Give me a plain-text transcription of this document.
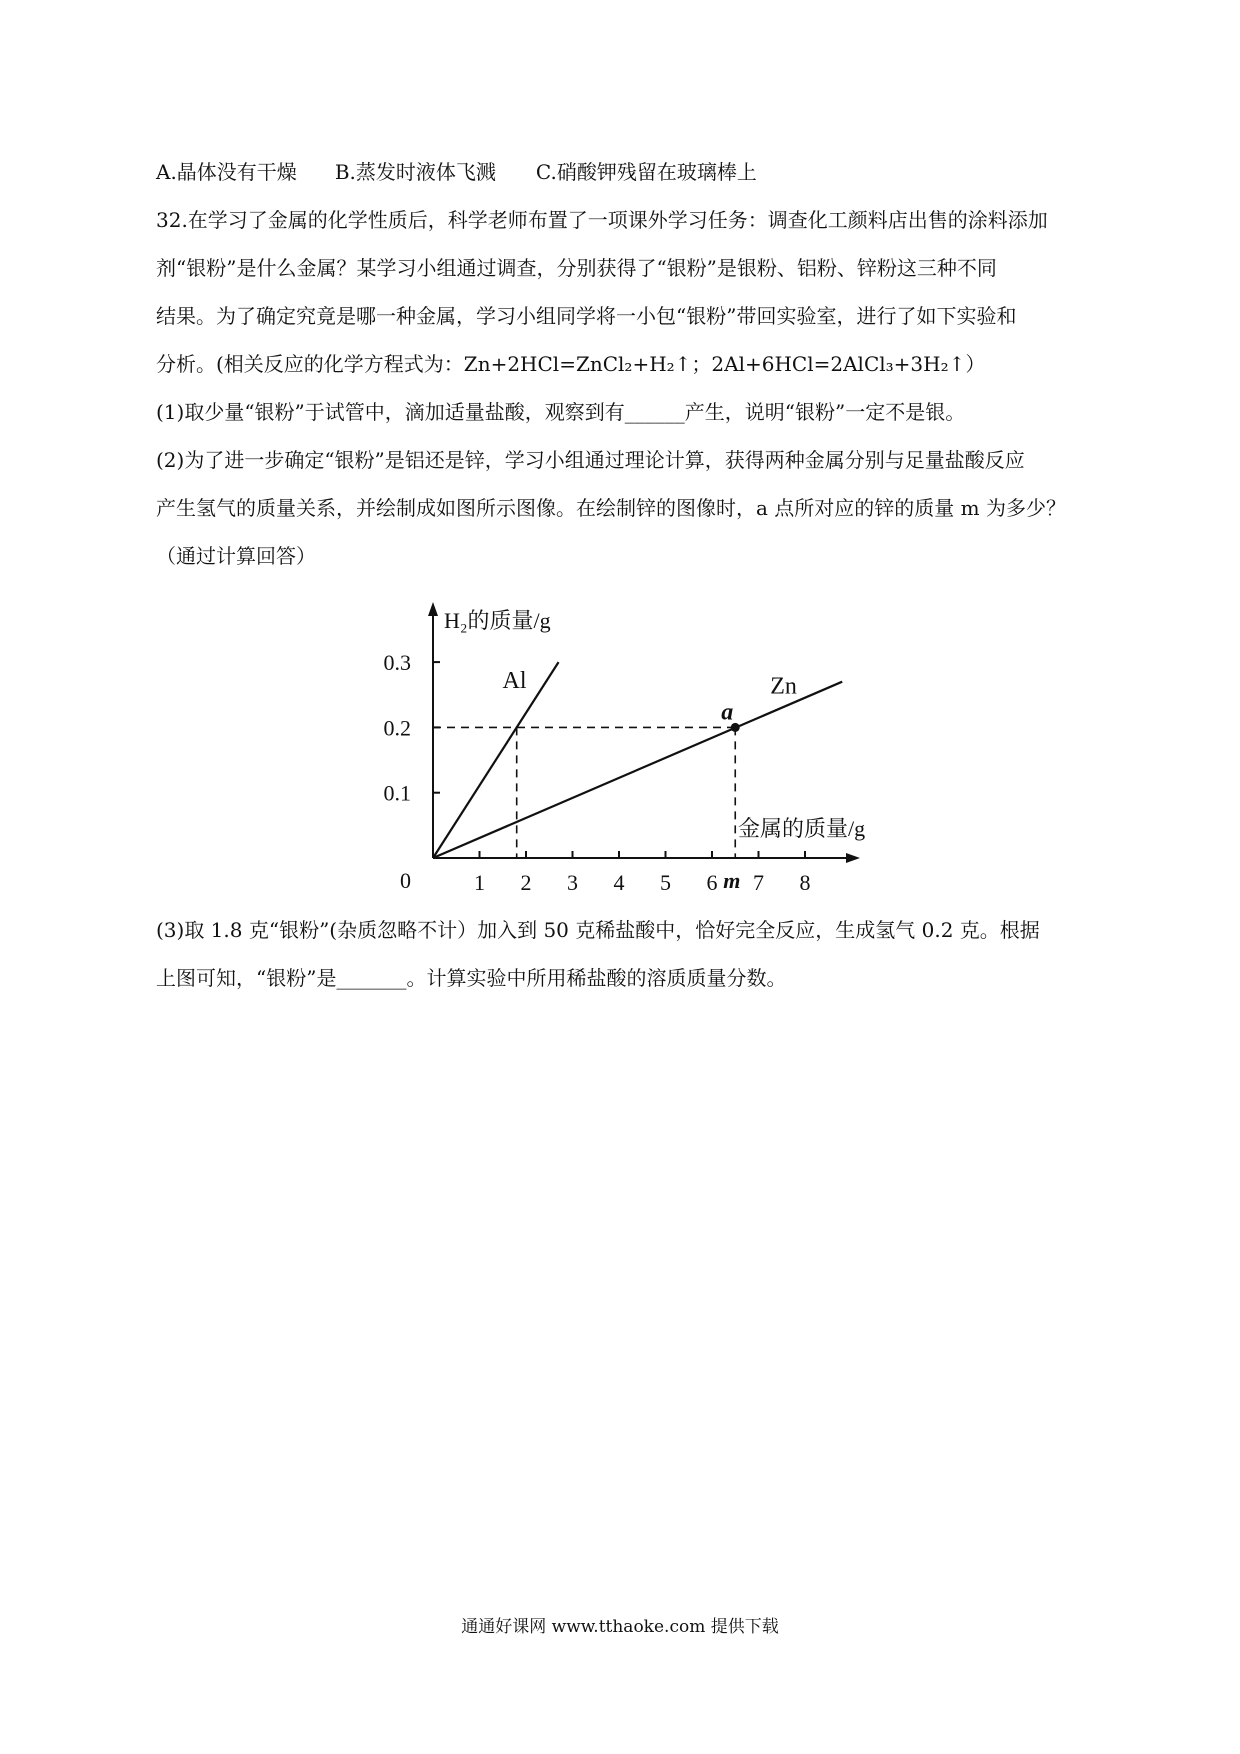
A.晶体没有干燥 B.蒸发时液体飞溅 C.硝酸钾残留在玻璃棒上
32.在学习了金属的化学性质后，科学老师布置了一项课外学习任务：调查化工颜料店出售的涂料添加
剂“银粉”是什么金属？某学习小组通过调查，分别获得了“银粉”是银粉、铝粉、锌粉这三种不同
结果。为了确定究竟是哪一种金属，学习小组同学将一小包“银粉”带回实验室，进行了如下实验和
分析。(相关反应的化学方程式为：Zn+2HCl=ZnCl₂+H₂↑；2Al+6HCl=2AlCl₃+3H₂↑）
(1)取少量“银粉”于试管中，滴加适量盐酸，观察到有______产生，说明“银粉”一定不是银。
(2)为了进一步确定“银粉”是铝还是锌，学习小组通过理论计算，获得两种金属分别与足量盐酸反应
产生氢气的质量关系，并绘制成如图所示图像。在绘制锌的图像时，a 点所对应的锌的质量 m 为多少？
（通过计算回答）
1 2 3 4 5 6 7 8
0.1
0.2
0.3
0
H₂的质量/g
金属的质量/g
Al	Zn
a
m
(3)取 1.8 克“银粉”(杂质忽略不计）加入到 50 克稀盐酸中，恰好完全反应，生成氢气 0.2 克。根据
上图可知，“银粉”是_______。计算实验中所用稀盐酸的溶质质量分数。
通通好课网 www.tthaoke.com 提供下载
